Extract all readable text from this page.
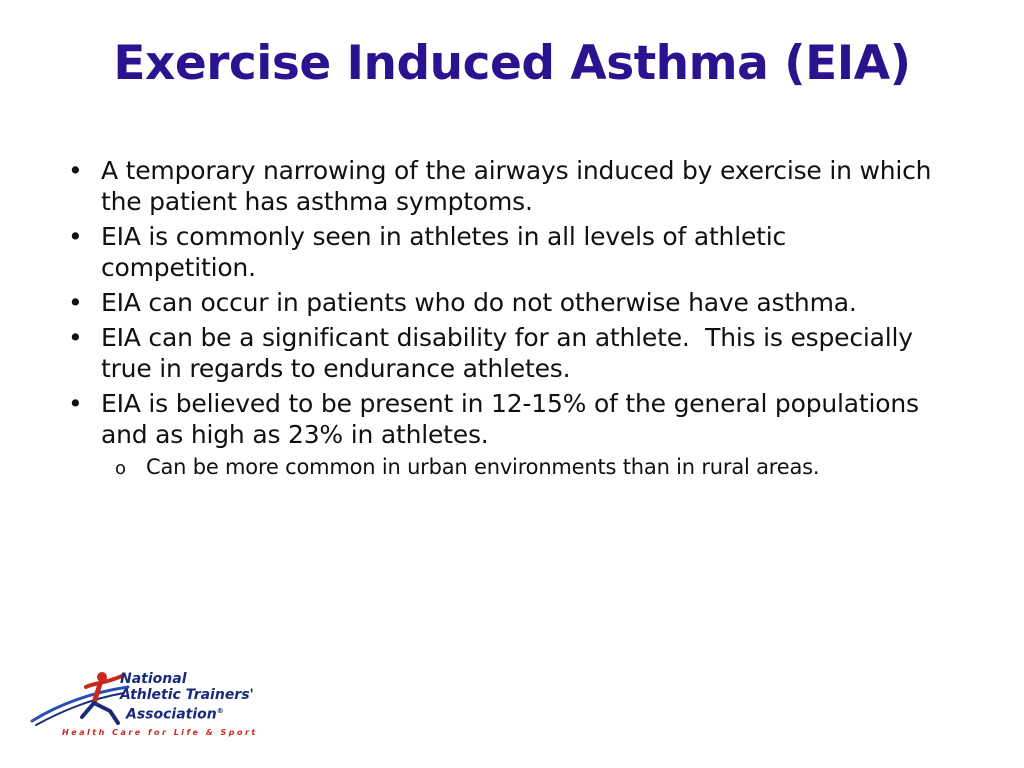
Exercise Induced Asthma (EIA)
• A temporary narrowing of the airways induced by exercise in which the patient has asthma symptoms.
• EIA is commonly seen in athletes in all levels of athletic competition.
• EIA can occur in patients who do not otherwise have asthma.
• EIA can be a significant disability for an athlete.  This is especially true in regards to endurance athletes.
• EIA is believed to be present in 12-15% of the general populations and as high as 23% in athletes.
o Can be more common in urban environments than in rural areas.
National
Athletic Trainers'
Association®
Health Care for Life & Sport
